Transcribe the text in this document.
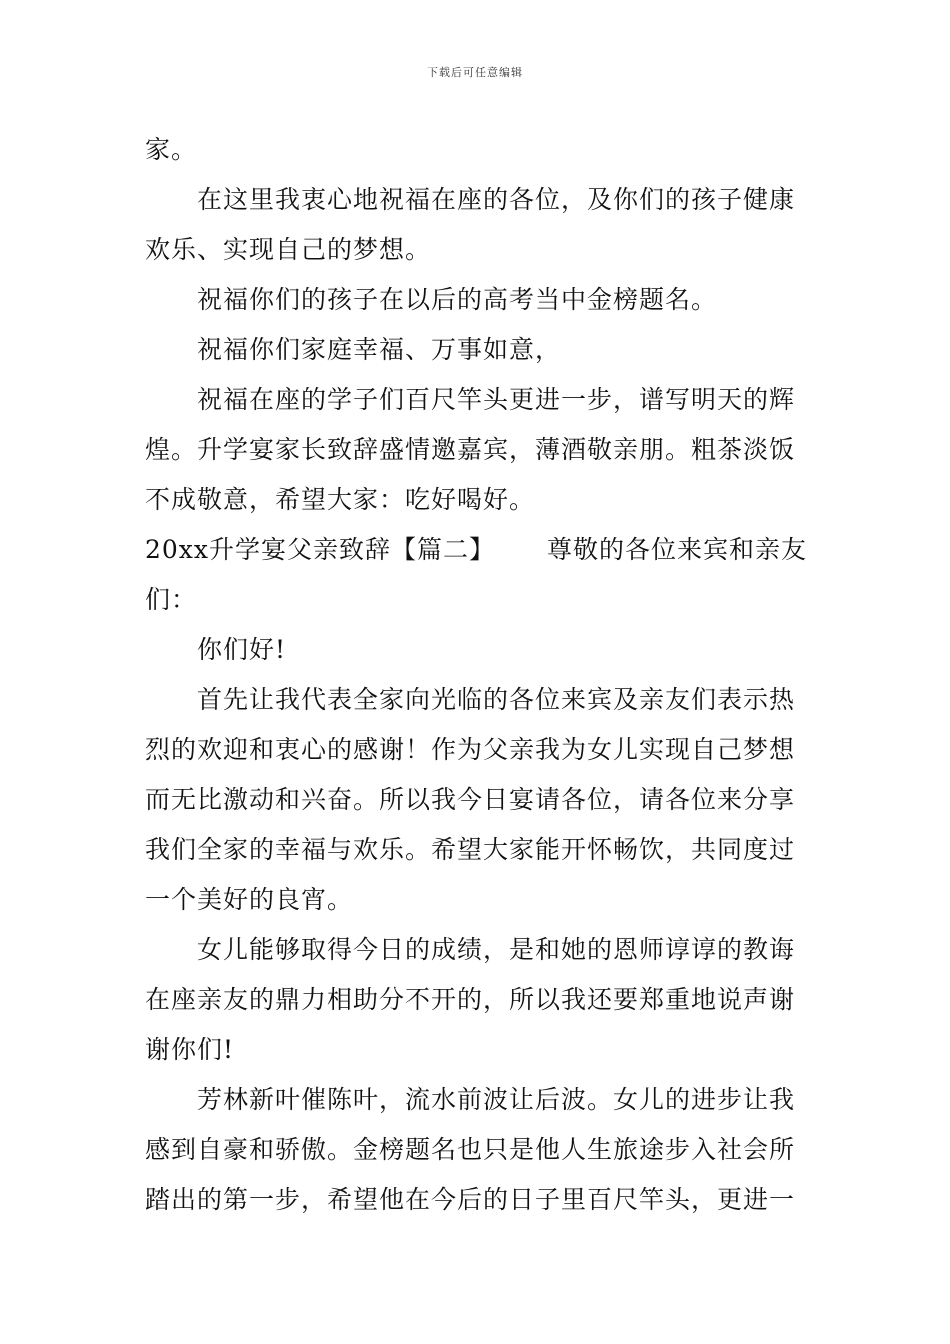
下载后可任意编辑

家。

在这里我衷心地祝福在座的各位，及你们的孩子健康欢乐、实现自己的梦想。

祝福你们的孩子在以后的高考当中金榜题名。

祝福你们家庭幸福、万事如意，

祝福在座的学子们百尺竿头更进一步，谱写明天的辉煌。升学宴家长致辞盛情邀嘉宾，薄酒敬亲朋。粗茶淡饭不成敬意，希望大家：吃好喝好。

20xx升学宴父亲致辞【篇二】 尊敬的各位来宾和亲友

们：

你们好!

首先让我代表全家向光临的各位来宾及亲友们表示热烈的欢迎和衷心的感谢！作为父亲我为女儿实现自己梦想而无比激动和兴奋。所以我今日宴请各位，请各位来分享我们全家的幸福与欢乐。希望大家能开怀畅饮，共同度过一个美好的良宵。

女儿能够取得今日的成绩，是和她的恩师谆谆的教诲在座亲友的鼎力相助分不开的，所以我还要郑重地说声谢谢你们!

芳林新叶催陈叶，流水前波让后波。女儿的进步让我感到自豪和骄傲。金榜题名也只是他人生旅途步入社会所踏出的第一步，希望他在今后的日子里百尺竿头，更进一
